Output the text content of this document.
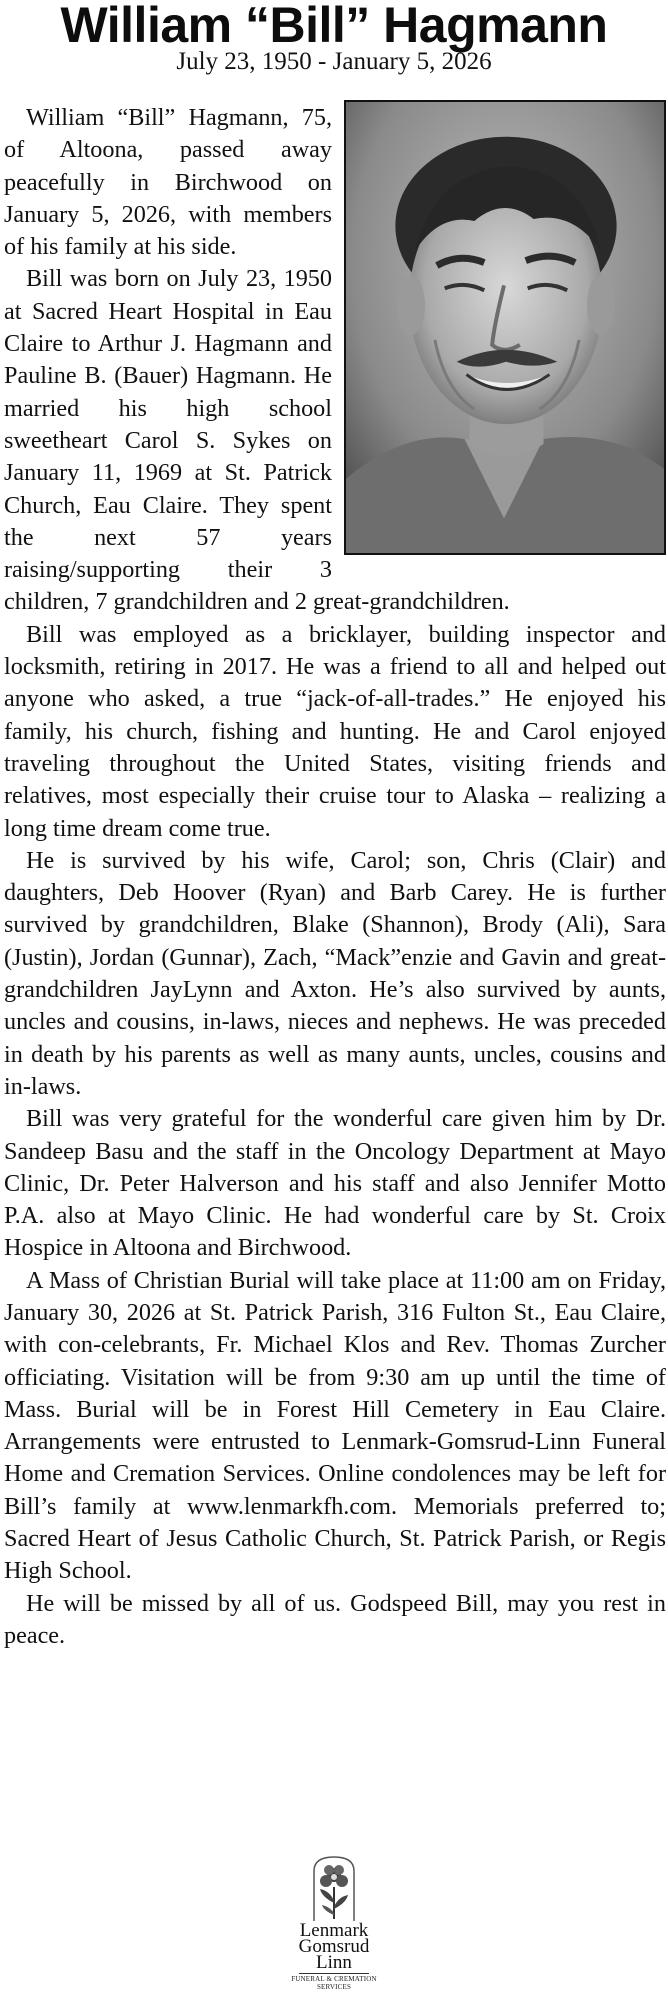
William “Bill” Hagmann
July 23, 1950 - January 5, 2026

William “Bill” Hagmann, 75, of Altoona, passed away peacefully in Birchwood on January 5, 2026, with members of his family at his side.

Bill was born on July 23, 1950 at Sacred Heart Hospital in Eau Claire to Arthur J. Hagmann and Pauline B. (Bauer) Hagmann. He married his high school sweetheart Carol S. Sykes on January 11, 1969 at St. Patrick Church, Eau Claire. They spent the next 57 years raising/supporting their 3 children, 7 grandchildren and 2 great-grandchildren.

Bill was employed as a bricklayer, building inspector and locksmith, retiring in 2017. He was a friend to all and helped out anyone who asked, a true “jack-of-all-trades.” He enjoyed his family, his church, fishing and hunting. He and Carol enjoyed traveling throughout the United States, visiting friends and relatives, most especially their cruise tour to Alaska – realizing a long time dream come true.

He is survived by his wife, Carol; son, Chris (Clair) and daughters, Deb Hoover (Ryan) and Barb Carey. He is further survived by grandchildren, Blake (Shannon), Brody (Ali), Sara (Justin), Jordan (Gunnar), Zach, “Mack”enzie and Gavin and great-grandchildren JayLynn and Axton. He’s also survived by aunts, uncles and cousins, in-laws, nieces and nephews. He was preceded in death by his parents as well as many aunts, uncles, cousins and in-laws.

Bill was very grateful for the wonderful care given him by Dr. Sandeep Basu and the staff in the Oncology Department at Mayo Clinic, Dr. Peter Halverson and his staff and also Jennifer Motto P.A. also at Mayo Clinic. He had wonderful care by St. Croix Hospice in Altoona and Birchwood.

A Mass of Christian Burial will take place at 11:00 am on Friday, January 30, 2026 at St. Patrick Parish, 316 Fulton St., Eau Claire, with con-celebrants, Fr. Michael Klos and Rev. Thomas Zurcher officiating. Visitation will be from 9:30 am up until the time of Mass. Burial will be in Forest Hill Cemetery in Eau Claire. Arrangements were entrusted to Lenmark-Gomsrud-Linn Funeral Home and Cremation Services. Online condolences may be left for Bill’s family at www.lenmarkfh.com. Memorials preferred to; Sacred Heart of Jesus Catholic Church, St. Patrick Parish, or Regis High School.

He will be missed by all of us. Godspeed Bill, may you rest in peace.

Lenmark
Gomsrud
Linn
FUNERAL & CREMATION
SERVICES
